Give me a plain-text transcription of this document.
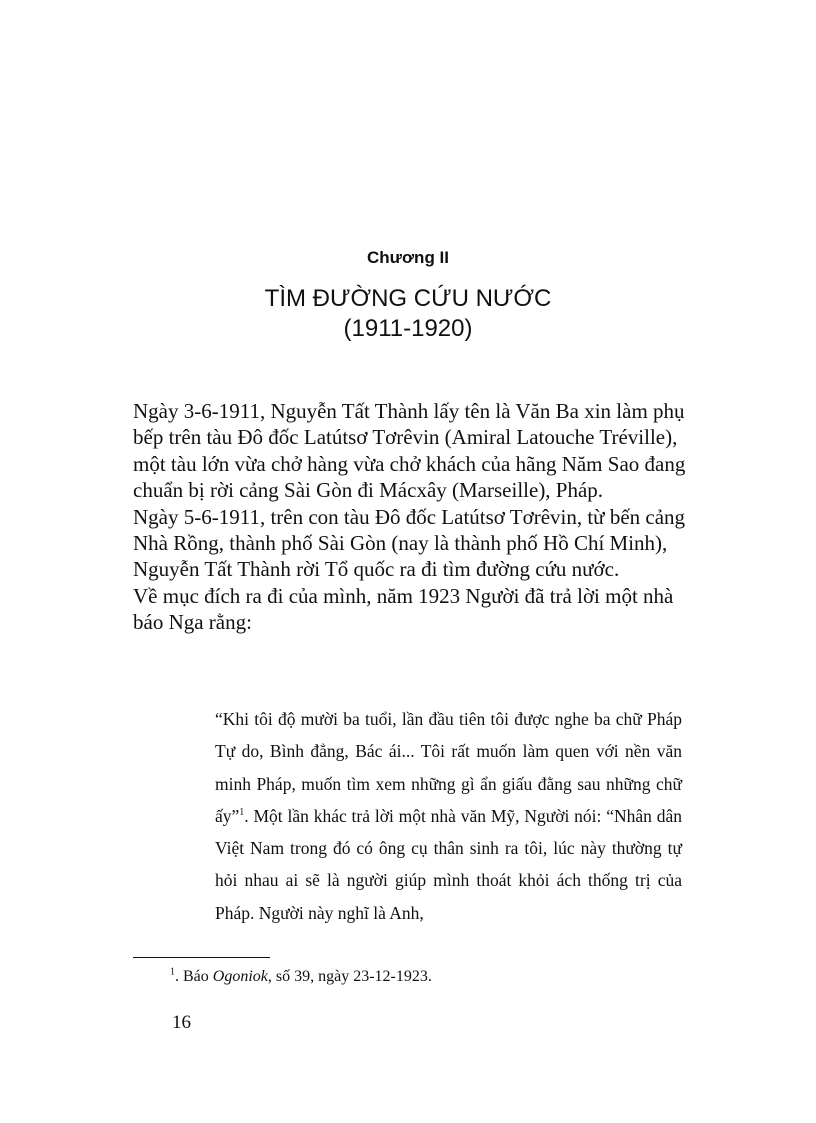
Chương II
TÌM ĐƯỜNG CỨU NƯỚC
(1911-1920)

Ngày 3-6-1911, Nguyễn Tất Thành lấy tên là Văn Ba xin làm phụ bếp trên tàu Đô đốc Latútsơ Tơrêvin (Amiral Latouche Tréville), một tàu lớn vừa chở hàng vừa chở khách của hãng Năm Sao đang chuẩn bị rời cảng Sài Gòn đi Mácxây (Marseille), Pháp.

Ngày 5-6-1911, trên con tàu Đô đốc Latútsơ Tơrêvin, từ bến cảng Nhà Rồng, thành phố Sài Gòn (nay là thành phố Hồ Chí Minh), Nguyễn Tất Thành rời Tổ quốc ra đi tìm đường cứu nước.

Về mục đích ra đi của mình, năm 1923 Người đã trả lời một nhà báo Nga rằng:

“Khi tôi độ mười ba tuổi, lần đầu tiên tôi được nghe ba chữ Pháp Tự do, Bình đẳng, Bác ái... Tôi rất muốn làm quen với nền văn minh Pháp, muốn tìm xem những gì ẩn giấu đằng sau những chữ ấy”$^1$. Một lần khác trả lời một nhà văn Mỹ, Người nói: “Nhân dân Việt Nam trong đó có ông cụ thân sinh ra tôi, lúc này thường tự hỏi nhau ai sẽ là người giúp mình thoát khỏi ách thống trị của Pháp. Người này nghĩ là Anh,
$^1$. Báo Ogoniok, số 39, ngày 23-12-1923.
16
